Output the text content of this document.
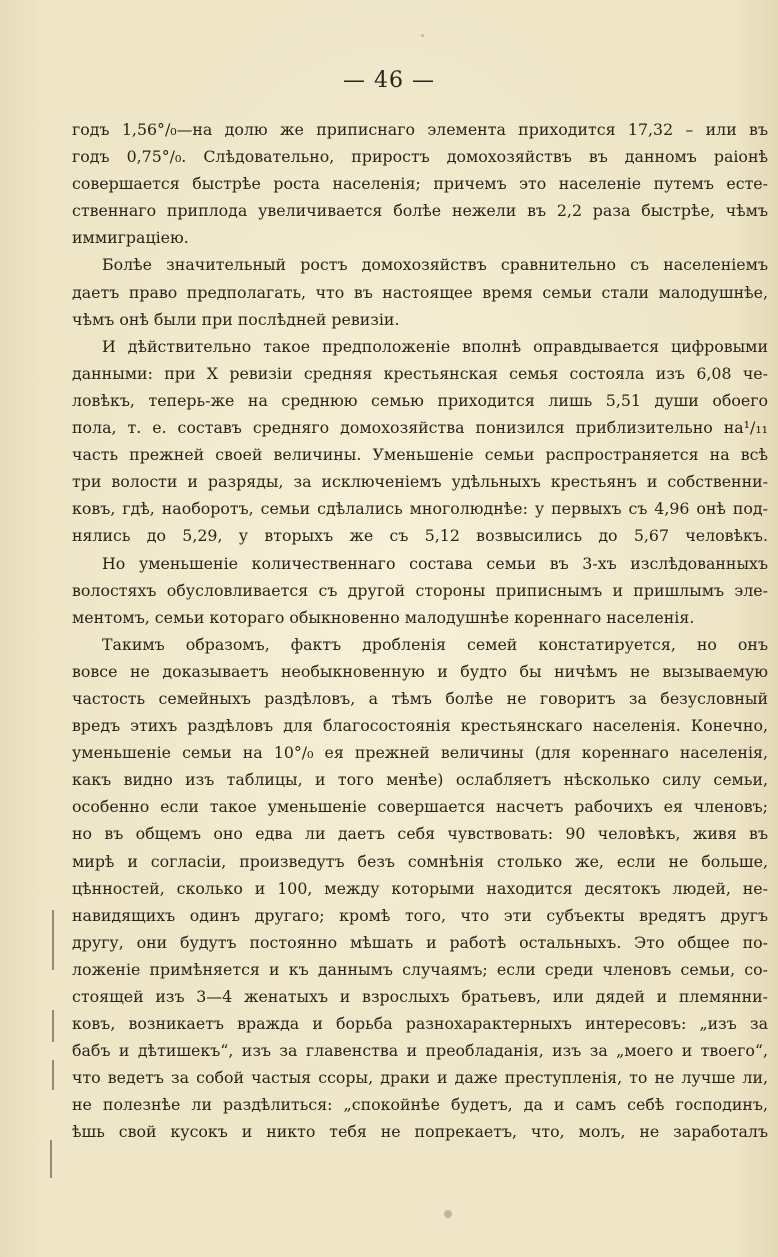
— 46 —
годъ 1,56°/₀—на долю же приписнаго элемента приходится 17,32 – или въ
годъ 0,75°/₀. Слѣдовательно, приростъ домохозяйствъ въ данномъ раіонѣ
совершается быстрѣе роста населенія; причемъ это населеніе путемъ есте-
ственнаго приплода увеличивается болѣе нежели въ 2,2 раза быстрѣе, чѣмъ
иммиграціею.
Болѣе значительный ростъ домохозяйствъ сравнительно съ населеніемъ
даетъ право предполагать, что въ настоящее время семьи стали малодушнѣе,
чѣмъ онѣ были при послѣдней ревизіи.
И дѣйствительно такое предположеніе вполнѣ оправдывается цифровыми
данными: при X ревизіи средняя крестьянская семья состояла изъ 6,08 че-
ловѣкъ, теперь-же на среднюю семью приходится лишь 5,51 души обоего
пола, т. е. составъ средняго домохозяйства понизился приблизительно на¹/₁₁
часть прежней своей величины. Уменьшеніе семьи распространяется на всѣ
три волости и разряды, за исключеніемъ удѣльныхъ крестьянъ и собственни-
ковъ, гдѣ, наоборотъ, семьи сдѣлались многолюднѣе: у первыхъ съ 4,96 онѣ под-
нялись до 5,29, у вторыхъ же съ 5,12 возвысились до 5,67 человѣкъ.
Но уменьшеніе количественнаго состава семьи въ 3-хъ изслѣдованныхъ
волостяхъ обусловливается съ другой стороны приписнымъ и пришлымъ эле-
ментомъ, семьи котораго обыкновенно малодушнѣе кореннаго населенія.
Такимъ образомъ, фактъ дробленія семей констатируется, но онъ
вовсе не доказываетъ необыкновенную и будто бы ничѣмъ не вызываемую
частость семейныхъ раздѣловъ, а тѣмъ болѣе не говоритъ за безусловный
вредъ этихъ раздѣловъ для благосостоянія крестьянскаго населенія. Конечно,
уменьшеніе семьи на 10°/₀ ея прежней величины (для кореннаго населенія,
какъ видно изъ таблицы, и того менѣе) ослабляетъ нѣсколько силу семьи,
особенно если такое уменьшеніе совершается насчетъ рабочихъ ея членовъ;
но въ общемъ оно едва ли даетъ себя чувствовать: 90 человѣкъ, живя въ
мирѣ и согласіи, произведутъ безъ сомнѣнія столько же, если не больше,
цѣнностей, сколько и 100, между которыми находится десятокъ людей, не-
навидящихъ одинъ другаго; кромѣ того, что эти субъекты вредятъ другъ
другу, они будутъ постоянно мѣшать и работѣ остальныхъ. Это общее по-
ложеніе примѣняется и къ даннымъ случаямъ; если среди членовъ семьи, со-
стоящей изъ 3—4 женатыхъ и взрослыхъ братьевъ, или дядей и племянни-
ковъ, возникаетъ вражда и борьба разнохарактерныхъ интересовъ: „изъ за
бабъ и дѣтишекъ“, изъ за главенства и преобладанія, изъ за „моего и твоего“,
что ведетъ за собой частыя ссоры, драки и даже преступленія, то не лучше ли,
не полезнѣе ли раздѣлиться: „спокойнѣе будетъ, да и самъ себѣ господинъ,
ѣшь свой кусокъ и никто тебя не попрекаетъ, что, молъ, не заработалъ
